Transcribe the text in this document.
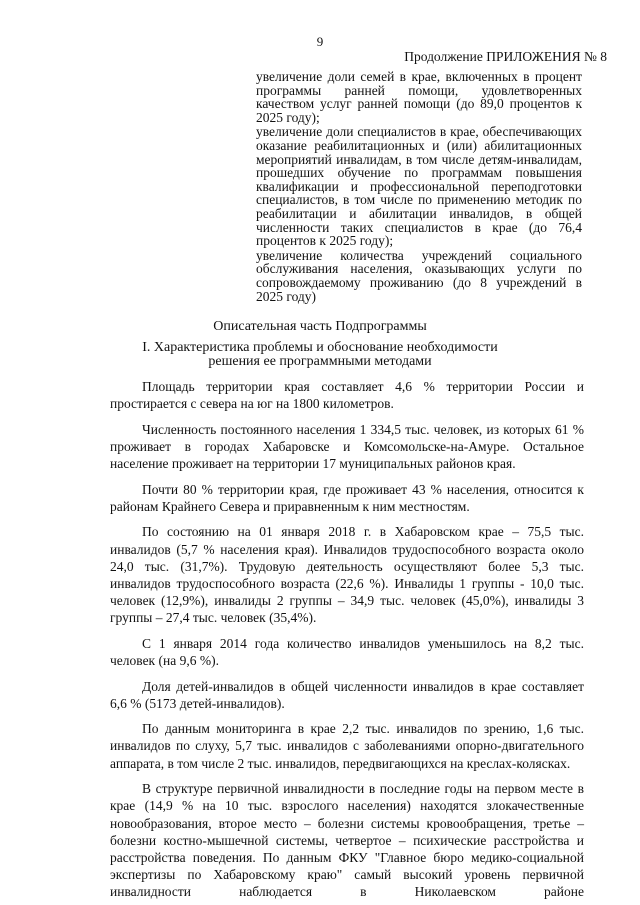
9
Продолжение ПРИЛОЖЕНИЯ № 8

увеличение доли семей в крае, включенных в процент программы ранней помощи, удовлетворенных качеством услуг ранней помощи (до 89,0 процентов к 2025 году);

увеличение доли специалистов в крае, обеспечивающих оказание реабилитационных и (или) абилитационных мероприятий инвалидам, в том числе детям-инвалидам, прошедших обучение по программам повышения квалификации и профессиональной переподготовки специалистов, в том числе по применению методик по реабилитации и абилитации инвалидов, в общей численности таких специалистов в крае (до 76,4 процентов к 2025 году);

увеличение количества учреждений социального обслуживания населения, оказывающих услуги по сопровождаемому проживанию (до 8 учреждений в 2025 году)

Описательная часть Подпрограммы
I. Характеристика проблемы и обоснование необходимости
решения ее программными методами

Площадь территории края составляет 4,6 % территории России и простирается с севера на юг на 1800 километров.

Численность постоянного населения 1 334,5 тыс. человек, из которых 61 % проживает в городах Хабаровске и Комсомольске-на-Амуре. Остальное население проживает на территории 17 муниципальных районов края.

Почти 80 % территории края, где проживает 43 % населения, относится к районам Крайнего Севера и приравненным к ним местностям.

По состоянию на 01 января 2018 г. в Хабаровском крае – 75,5 тыс. инвалидов (5,7 % населения края). Инвалидов трудоспособного возраста около 24,0 тыс. (31,7%). Трудовую деятельность осуществляют более 5,3 тыс. инвалидов трудоспособного возраста (22,6 %). Инвалиды 1 группы - 10,0 тыс. человек (12,9%), инвалиды 2 группы – 34,9 тыс. человек (45,0%), инвалиды 3 группы – 27,4 тыс. человек (35,4%).

С 1 января 2014 года количество инвалидов уменьшилось на 8,2 тыс. человек (на 9,6 %).

Доля детей-инвалидов в общей численности инвалидов в крае составляет 6,6 % (5173 детей-инвалидов).

По данным мониторинга в крае 2,2 тыс. инвалидов по зрению, 1,6 тыс. инвалидов по слуху, 5,7 тыс. инвалидов с заболеваниями опорно-двигательного аппарата, в том числе 2 тыс. инвалидов, передвигающихся на креслах-колясках.

В структуре первичной инвалидности в последние годы на первом месте в крае (14,9 % на 10 тыс. взрослого населения) находятся злокачественные новообразования, второе место – болезни системы кровообращения, третье – болезни костно-мышечной системы, четвертое – психические расстройства и расстройства поведения. По данным ФКУ "Главное бюро медико-социальной экспертизы по Хабаровскому краю" самый высокий уровень первичной инвалидности наблюдается в Николаевском районе
